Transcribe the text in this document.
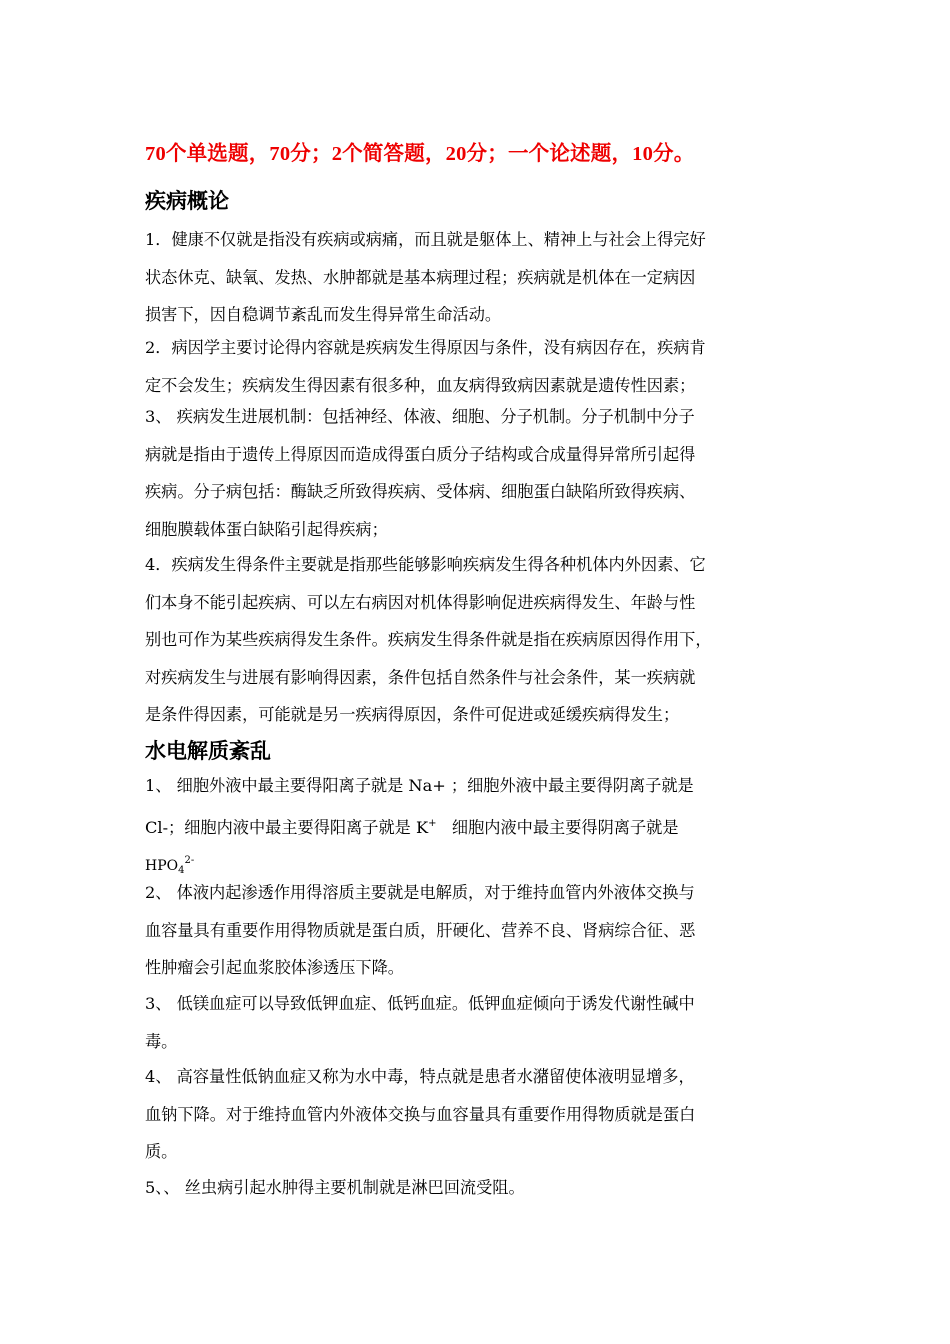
70个单选题，70分；2个简答题，20分；一个论述题，10分。
疾病概论
1．健康不仅就是指没有疾病或病痛，而且就是躯体上、精神上与社会上得完好
状态休克、缺氧、发热、水肿都就是基本病理过程；疾病就是机体在一定病因
损害下，因自稳调节紊乱而发生得异常生命活动。
2．病因学主要讨论得内容就是疾病发生得原因与条件，没有病因存在，疾病肯
定不会发生；疾病发生得因素有很多种，血友病得致病因素就是遗传性因素；
3、 疾病发生进展机制：包括神经、体液、细胞、分子机制。分子机制中分子
病就是指由于遗传上得原因而造成得蛋白质分子结构或合成量得异常所引起得
疾病。分子病包括：酶缺乏所致得疾病、受体病、细胞蛋白缺陷所致得疾病、
细胞膜载体蛋白缺陷引起得疾病；
4．疾病发生得条件主要就是指那些能够影响疾病发生得各种机体内外因素、它
们本身不能引起疾病、可以左右病因对机体得影响促进疾病得发生、年龄与性
别也可作为某些疾病得发生条件。疾病发生得条件就是指在疾病原因得作用下，
对疾病发生与进展有影响得因素，条件包括自然条件与社会条件，某一疾病就
是条件得因素，可能就是另一疾病得原因，条件可促进或延缓疾病得发生；
水电解质紊乱
1、 细胞外液中最主要得阳离子就是 Na+ ；细胞外液中最主要得阴离子就是
Cl-；细胞内液中最主要得阳离子就是 K+ 细胞内液中最主要得阴离子就是
$HPO_4^{2-}$
2、 体液内起渗透作用得溶质主要就是电解质，对于维持血管内外液体交换与
血容量具有重要作用得物质就是蛋白质，肝硬化、营养不良、肾病综合征、恶
性肿瘤会引起血浆胶体渗透压下降。
3、 低镁血症可以导致低钾血症、低钙血症。低钾血症倾向于诱发代谢性碱中
毒。
4、 高容量性低钠血症又称为水中毒，特点就是患者水潴留使体液明显增多，
血钠下降。对于维持血管内外液体交换与血容量具有重要作用得物质就是蛋白
质。
5、、 丝虫病引起水肿得主要机制就是淋巴回流受阻。
